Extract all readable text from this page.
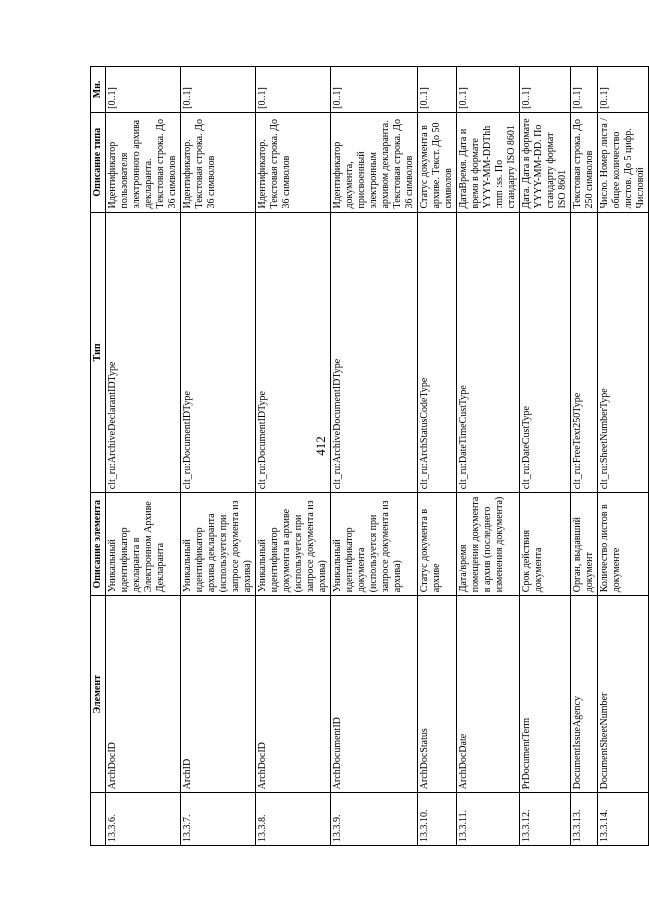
412
	Элемент	Описание элемента	Тип	Описание типа	Мн.
13.3.6.	ArchDocID	Уникальный идентификатор декларанта в Электронном Архиве Декларанта	clt_ru:ArchiveDeclarantIDType	Идентификатор пользователя электронного архива декларанта. Текстовая строка. До 36 символов	[0..1]
13.3.7.	ArchID	Уникальный идентификатор архива декларанта (используется при запросе документа из архива)	clt_ru:DocumentIDType	Идентификатор. Текстовая строка. До 36 символов	[0..1]
13.3.8.	ArchDocID	Уникальный идентификатор документа в архиве (используется при запросе документа из архива)	clt_ru:DocumentIDType	Идентификатор. Текстовая строка. До 36 символов	[0..1]
13.3.9.	ArchDocumentID	Уникальный идентификатор документа (используется при запросе документа из архива)	clt_ru:ArchiveDocumentIDType	Идентификатор документа, присвоенный электронным архивом декларанта. Текстовая строка. До 36 символов	[0..1]
13.3.10.	ArchDocStatus	Статус документа в архиве	clt_ru:ArchStatusCodeType	Статус документа в архиве. Текст. До 50 символов	[0..1]
13.3.11.	ArchDocDate	Дата/время помещения документа в архив (последнего изменения документа)	clt_ru:DateTimeCustType	ДатаВремя. Дата и время в формате YYYY-MM-DDThh :mm :ss. По стандарту ISO 8601	[0..1]
13.3.12.	PrDocumentTerm	Срок действия документа	clt_ru:DateCustType	Дата. Дата в формате YYYY-MM-DD. По стандарту формат ISO 8601	[0..1]
13.3.13.	DocumentIssueAgency	Орган, выдавший документ	clt_ru:FreeText250Type	Текстовая строка. До 250 символов	[0..1]
13.3.14.	DocumentSheetNumber	Количество листов в документе	clt_ru:SheetNumberType	Число. Номер листа / общее количество листов. До 5 цифр. Числовой	[0..1]
